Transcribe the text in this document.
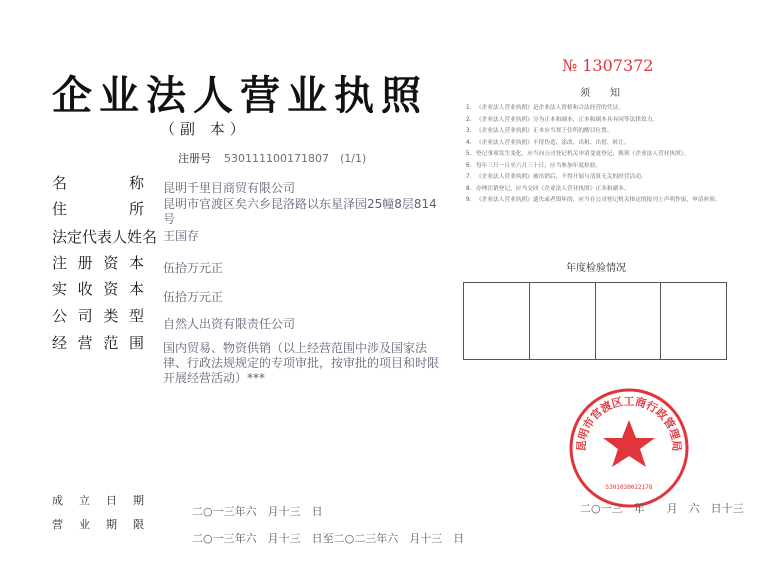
企业法人营业执照
（副 本）
注册号 530111100171807　(1/1)
名　　称 昆明千里目商贸有限公司
住　　所 昆明市官渡区矣六乡昆洛路以东星泽园25幢8层814号
法定代表人姓名 王国存
注册资本 伍拾万元正
实收资本 伍拾万元正
公司类型 自然人出资有限责任公司
经营范围 国内贸易、物资供销（以上经营范围中涉及国家法律、行政法规规定的专项审批，按审批的项目和时限开展经营活动）***
成立日期
二○一三年六　月十三　日
营业期限
二○一三年六　月十三　日至二○二三年六　月十三　日
№ 1307372
须　知
1. 《企业法人营业执照》是企业法人资格和合法经营的凭证。
2. 《企业法人营业执照》分为正本和副本，正本和副本具有同等法律效力。
3. 《企业法人营业执照》正本应当置于住所的醒目位置。
4. 《企业法人营业执照》不得伪造、涂改、出租、出借、转让。
5. 登记事项发生变化，应当向公司登记机关申请变更登记，换领《企业法人营业执照》。
6. 每年三月一日至六月三十日，应当参加年度检验。
7. 《企业法人营业执照》被吊销后，不得开展与清算无关的经营活动。
8. 办理注销登记，应当交回《企业法人营业执照》正本和副本。
9. 《企业法人营业执照》遗失或者毁坏的，应当在公司登记机关指定的报刊上声明作废，申请补领。
年度检验情况
昆明市官渡区工商行政管理局
5301030022178
二○一三　年　　月　六　日十三
